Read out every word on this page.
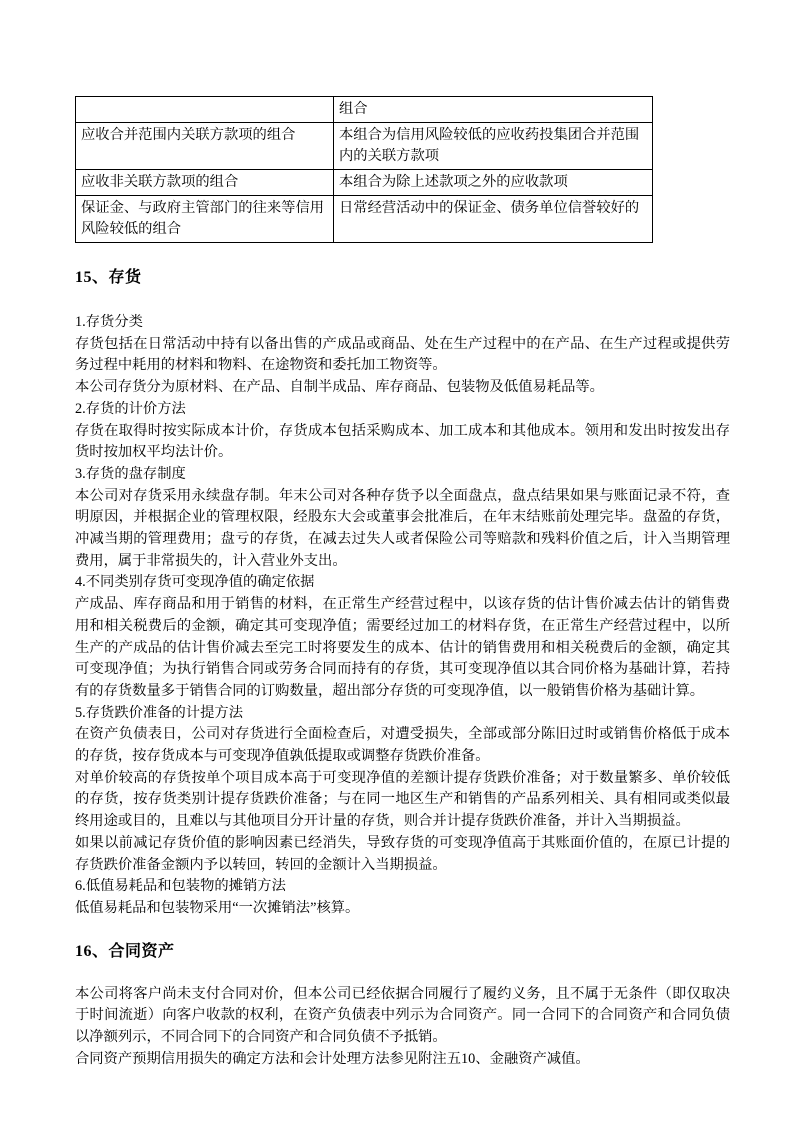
	组合
应收合并范围内关联方款项的组合	本组合为信用风险较低的应收药投集团合并范围内的关联方款项
应收非关联方款项的组合	本组合为除上述款项之外的应收款项
保证金、与政府主管部门的往来等信用风险较低的组合	日常经营活动中的保证金、债务单位信誉较好的
15、存货

1.存货分类

存货包括在日常活动中持有以备出售的产成品或商品、处在生产过程中的在产品、在生产过程或提供劳务过程中耗用的材料和物料、在途物资和委托加工物资等。

本公司存货分为原材料、在产品、自制半成品、库存商品、包装物及低值易耗品等。

2.存货的计价方法

存货在取得时按实际成本计价，存货成本包括采购成本、加工成本和其他成本。领用和发出时按发出存货时按加权平均法计价。

3.存货的盘存制度

本公司对存货采用永续盘存制。年末公司对各种存货予以全面盘点，盘点结果如果与账面记录不符，查明原因，并根据企业的管理权限，经股东大会或董事会批准后，在年末结账前处理完毕。盘盈的存货，冲减当期的管理费用；盘亏的存货，在减去过失人或者保险公司等赔款和残料价值之后，计入当期管理费用，属于非常损失的，计入营业外支出。

4.不同类别存货可变现净值的确定依据

产成品、库存商品和用于销售的材料，在正常生产经营过程中，以该存货的估计售价减去估计的销售费用和相关税费后的金额，确定其可变现净值；需要经过加工的材料存货，在正常生产经营过程中，以所生产的产成品的估计售价减去至完工时将要发生的成本、估计的销售费用和相关税费后的金额，确定其可变现净值；为执行销售合同或劳务合同而持有的存货，其可变现净值以其合同价格为基础计算，若持有的存货数量多于销售合同的订购数量，超出部分存货的可变现净值，以一般销售价格为基础计算。

5.存货跌价准备的计提方法

在资产负债表日，公司对存货进行全面检查后，对遭受损失，全部或部分陈旧过时或销售价格低于成本的存货，按存货成本与可变现净值孰低提取或调整存货跌价准备。

对单价较高的存货按单个项目成本高于可变现净值的差额计提存货跌价准备；对于数量繁多、单价较低的存货，按存货类别计提存货跌价准备；与在同一地区生产和销售的产品系列相关、具有相同或类似最终用途或目的，且难以与其他项目分开计量的存货，则合并计提存货跌价准备，并计入当期损益。

如果以前减记存货价值的影响因素已经消失，导致存货的可变现净值高于其账面价值的，在原已计提的存货跌价准备金额内予以转回，转回的金额计入当期损益。

6.低值易耗品和包装物的摊销方法

低值易耗品和包装物采用“一次摊销法”核算。

16、合同资产

本公司将客户尚未支付合同对价，但本公司已经依据合同履行了履约义务，且不属于无条件（即仅取决于时间流逝）向客户收款的权利，在资产负债表中列示为合同资产。同一合同下的合同资产和合同负债以净额列示，不同合同下的合同资产和合同负债不予抵销。

合同资产预期信用损失的确定方法和会计处理方法参见附注五10、金融资产减值。
